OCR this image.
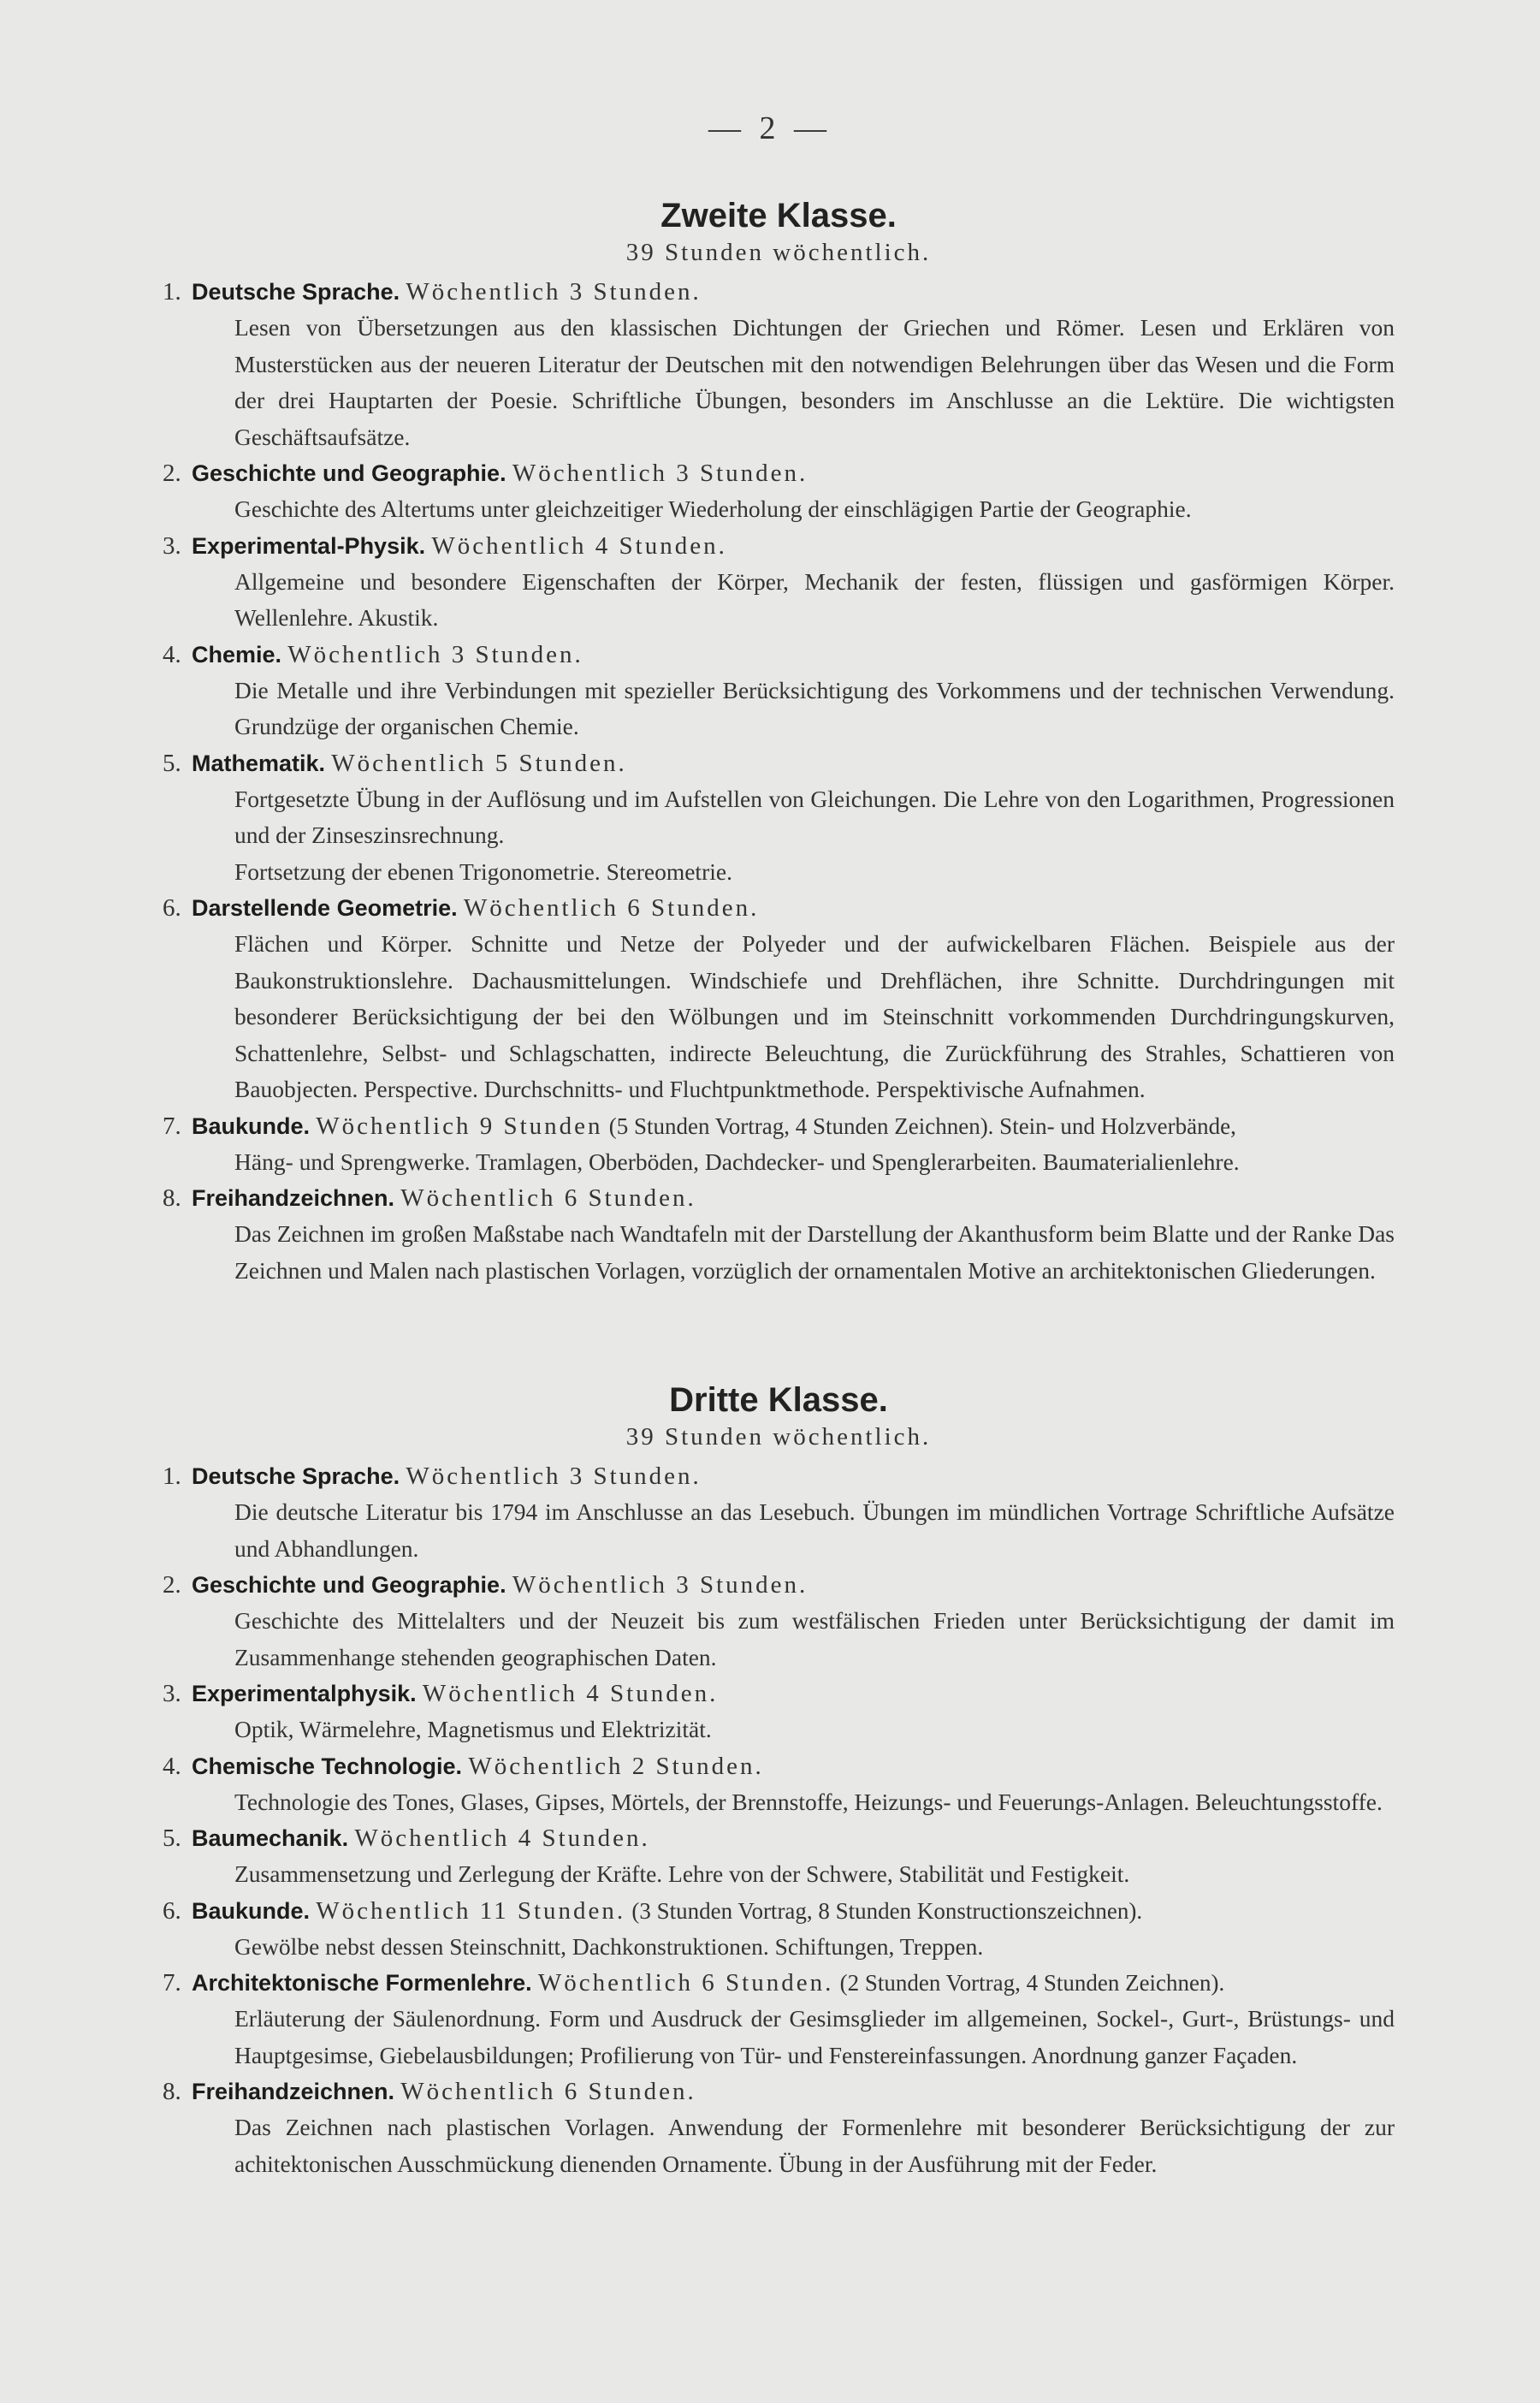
— 2 —
Zweite Klasse.

39 Stunden wöchentlich.

1. Deutsche Sprache. Wöchentlich 3 Stunden.

Lesen von Übersetzungen aus den klassischen Dichtungen der Griechen und Römer. Lesen und Erklären von Musterstücken aus der neueren Literatur der Deutschen mit den notwendigen Belehrungen über das Wesen und die Form der drei Hauptarten der Poesie. Schriftliche Übungen, besonders im Anschlusse an die Lektüre. Die wichtigsten Geschäftsaufsätze.

2. Geschichte und Geographie. Wöchentlich 3 Stunden.

Geschichte des Altertums unter gleichzeitiger Wiederholung der einschlägigen Partie der Geographie.

3. Experimental-Physik. Wöchentlich 4 Stunden.

Allgemeine und besondere Eigenschaften der Körper, Mechanik der festen, flüssigen und gasförmigen Körper. Wellenlehre. Akustik.

4. Chemie. Wöchentlich 3 Stunden.

Die Metalle und ihre Verbindungen mit spezieller Berücksichtigung des Vorkommens und der technischen Verwendung. Grundzüge der organischen Chemie.

5. Mathematik. Wöchentlich 5 Stunden.

Fortgesetzte Übung in der Auflösung und im Aufstellen von Gleichungen. Die Lehre von den Logarithmen, Progressionen und der Zinseszinsrechnung.
Fortsetzung der ebenen Trigonometrie. Stereometrie.

6. Darstellende Geometrie. Wöchentlich 6 Stunden.

Flächen und Körper. Schnitte und Netze der Polyeder und der aufwickelbaren Flächen. Beispiele aus der Baukonstruktionslehre. Dachausmittelungen. Windschiefe und Drehflächen, ihre Schnitte. Durchdringungen mit besonderer Berücksichtigung der bei den Wölbungen und im Steinschnitt vorkommenden Durchdringungskurven, Schattenlehre, Selbst- und Schlagschatten, indirecte Beleuchtung, die Zurückführung des Strahles, Schattieren von Bauobjecten. Perspective. Durchschnitts- und Fluchtpunktmethode. Perspektivische Aufnahmen.

7. Baukunde. Wöchentlich 9 Stunden (5 Stunden Vortrag, 4 Stunden Zeichnen). Stein- und Holzverbände,

Häng- und Sprengwerke. Tramlagen, Oberböden, Dachdecker- und Spenglerarbeiten. Baumaterialienlehre.

8. Freihandzeichnen. Wöchentlich 6 Stunden.

Das Zeichnen im großen Maßstabe nach Wandtafeln mit der Darstellung der Akanthusform beim Blatte und der Ranke Das Zeichnen und Malen nach plastischen Vorlagen, vorzüglich der ornamentalen Motive an architektonischen Gliederungen.

Dritte Klasse.

39 Stunden wöchentlich.

1. Deutsche Sprache. Wöchentlich 3 Stunden.

Die deutsche Literatur bis 1794 im Anschlusse an das Lesebuch. Übungen im mündlichen Vortrage Schriftliche Aufsätze und Abhandlungen.

2. Geschichte und Geographie. Wöchentlich 3 Stunden.

Geschichte des Mittelalters und der Neuzeit bis zum westfälischen Frieden unter Berücksichtigung der damit im Zusammenhange stehenden geographischen Daten.

3. Experimentalphysik. Wöchentlich 4 Stunden.

Optik, Wärmelehre, Magnetismus und Elektrizität.

4. Chemische Technologie. Wöchentlich 2 Stunden.

Technologie des Tones, Glases, Gipses, Mörtels, der Brennstoffe, Heizungs- und Feuerungs-Anlagen. Beleuchtungsstoffe.

5. Baumechanik. Wöchentlich 4 Stunden.

Zusammensetzung und Zerlegung der Kräfte. Lehre von der Schwere, Stabilität und Festigkeit.

6. Baukunde. Wöchentlich 11 Stunden. (3 Stunden Vortrag, 8 Stunden Konstructionszeichnen).

Gewölbe nebst dessen Steinschnitt, Dachkonstruktionen. Schiftungen, Treppen.

7. Architektonische Formenlehre. Wöchentlich 6 Stunden. (2 Stunden Vortrag, 4 Stunden Zeichnen).

Erläuterung der Säulenordnung. Form und Ausdruck der Gesimsglieder im allgemeinen, Sockel-, Gurt-, Brüstungs- und Hauptgesimse, Giebelausbildungen; Profilierung von Tür- und Fenstereinfassungen. Anordnung ganzer Façaden.

8. Freihandzeichnen. Wöchentlich 6 Stunden.

Das Zeichnen nach plastischen Vorlagen. Anwendung der Formenlehre mit besonderer Berücksichtigung der zur achitektonischen Ausschmückung dienenden Ornamente. Übung in der Ausführung mit der Feder.
